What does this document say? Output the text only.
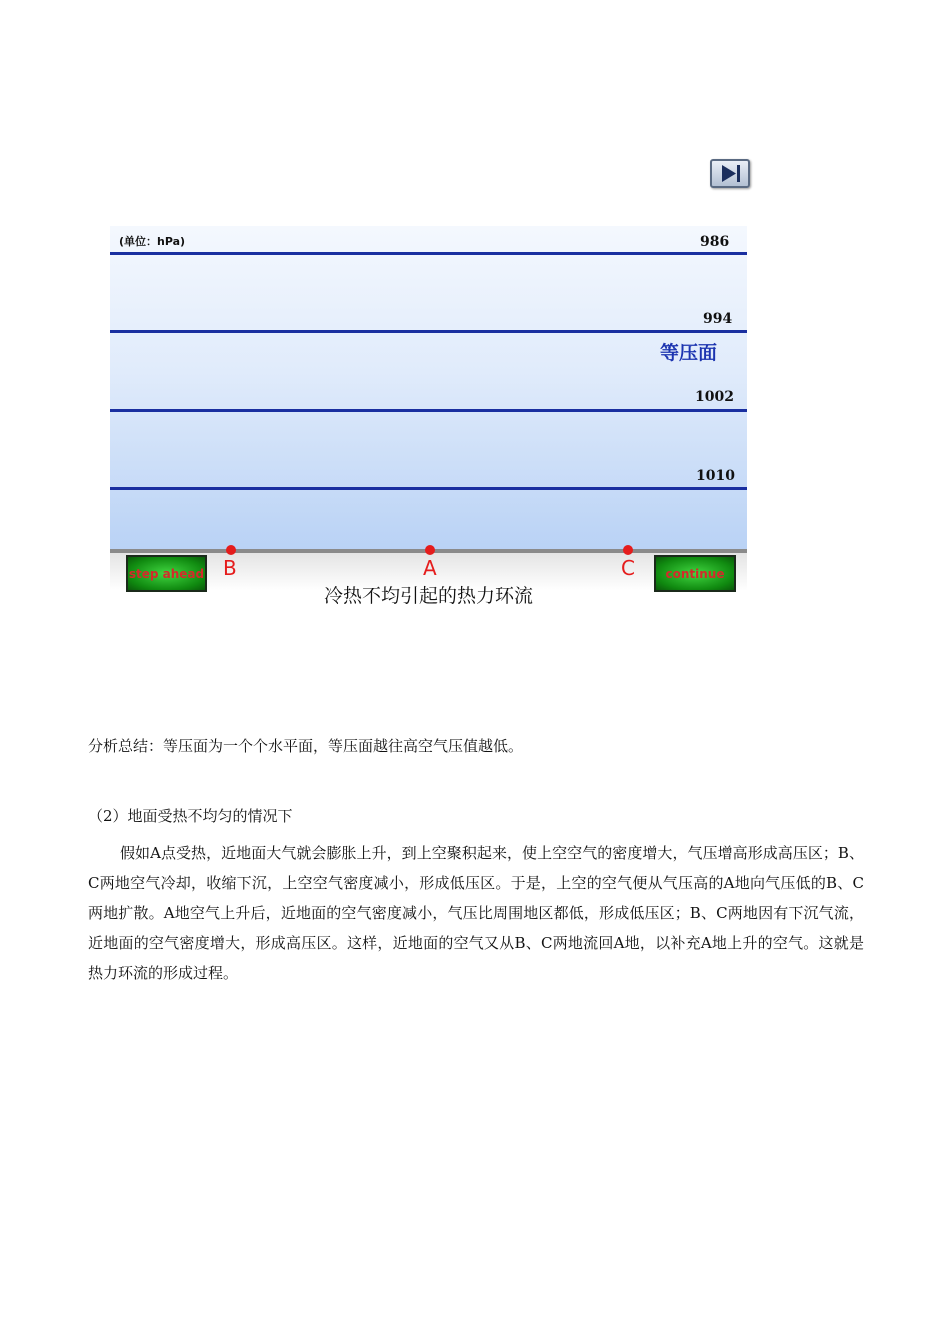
(单位：hPa)	986
994
等压面
1002
1010
B	A	C
step ahead	continue
冷热不均引起的热力环流

分析总结：等压面为一个个水平面，等压面越往高空气压值越低。

（2）地面受热不均匀的情况下

假如A点受热，近地面大气就会膨胀上升，到上空聚积起来，使上空空气的密度增大，气压增高形成高压区；B、C两地空气冷却，收缩下沉，上空空气密度减小，形成低压区。于是，上空的空气便从气压高的A地向气压低的B、C两地扩散。A地空气上升后，近地面的空气密度减小，气压比周围地区都低，形成低压区；B、C两地因有下沉气流，近地面的空气密度增大，形成高压区。这样，近地面的空气又从B、C两地流回A地，以补充A地上升的空气。这就是热力环流的形成过程。
